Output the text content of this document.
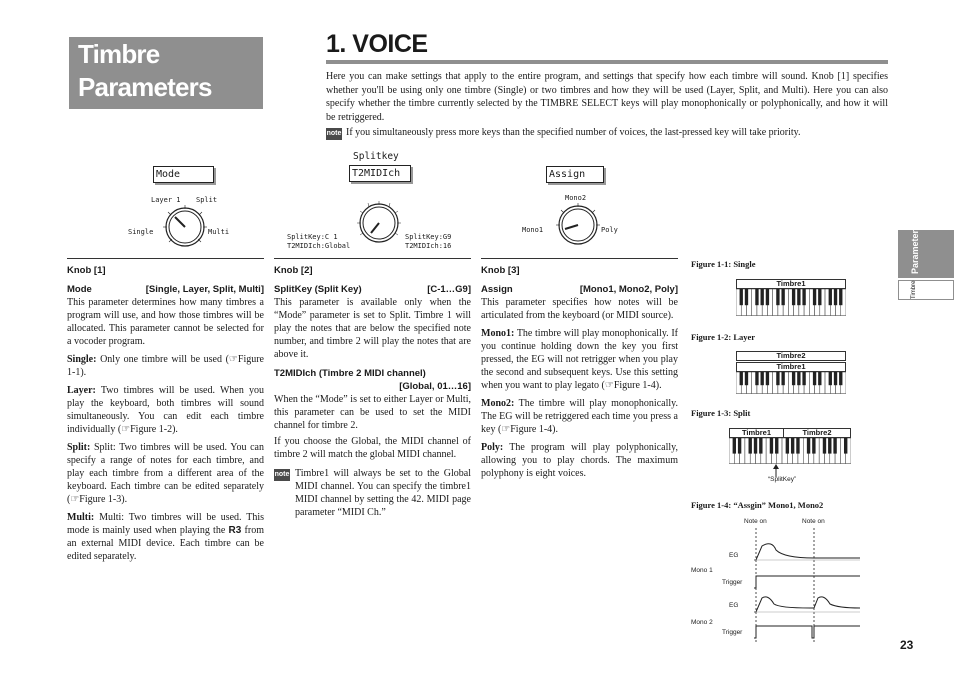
Timbre
Parameters
1. VOICE
Here you can make settings that apply to the entire program, and settings that specify how each timbre will sound. Knob [1] specifies whether you'll be using only one timbre (Single) or two timbres and how they will be used (Layer, Split, and Multi). Here you can also specify whether the timbre currently selected by the TIMBRE SELECT keys will play monophonically or polyphonically, and how it will be retriggered.
note If you simultaneously press more keys than the specified number of voices, the last-pressed key will take priority.
Mode
Layer 1 Split
Single	Multi
Splitkey
T2MIDIch
SplitKey:C 1
T2MIDIch:Global
SplitKey:G9
T2MIDIch:16
Assign
Mono2
Mono1	Poly
Knob [1]
Mode	[Single, Layer, Split, Multi]

This parameter determines how many timbres a program will use, and how those timbres will be allocated. This parameter cannot be selected for a vocoder program.

Single: Only one timbre will be used (☞Figure 1-1).

Layer: Two timbres will be used. When you play the keyboard, both timbres will sound simultaneously. You can edit each timbre individually (☞Figure 1-2).

Split: Split: Two timbres will be used. You can specify a range of notes for each timbre, and play each timbre from a different area of the keyboard. Each timbre can be edited separately (☞Figure 1-3).

Multi: Multi: Two timbres will be used. This mode is mainly used when playing the R3 from an external MIDI device. Each timbre can be edited separately.

Knob [2]
SplitKey (Split Key)	[C-1…G9]

This parameter is available only when the “Mode” parameter is set to Split. Timbre 1 will play the notes that are below the specified note number, and timbre 2 will play the notes that are above it.

T2MIDIch (Timbre 2 MIDI channel)
[Global, 01…16]

When the “Mode” is set to either Layer or Multi, this parameter can be used to set the MIDI channel for timbre 2.

If you choose the Global, the MIDI channel of timbre 2 will match the global MIDI channel.

note Timbre1 will always be set to the Global MIDI channel. You can specify the timbre1 MIDI channel by setting the 42. MIDI page parameter “MIDI Ch.”

Knob [3]
Assign	[Mono1, Mono2, Poly]

This parameter specifies how notes will be articulated from the keyboard (or MIDI source).

Mono1: The timbre will play monophonically. If you continue holding down the key you first pressed, the EG will not retrigger when you play the second and subsequent keys. Use this setting when you want to play legato (☞Figure 1-4).

Mono2: The timbre will play monophonically. The EG will be retriggered each time you press a key (☞Figure 1-4).

Poly: The program will play polyphonically, allowing you to play chords. The maximum polyphony is eight voices.

Figure 1-1: Single
Timbre1
Figure 1-2: Layer
Timbre2
Timbre1
Figure 1-3: Split
Timbre1	Timbre2
“SplitKey”
Figure 1-4: “Assgin” Mono1, Mono2
Note on	Note on
EG
Mono 1
Trigger
EG
Mono 2
Trigger
Parameters
Timbre
23
